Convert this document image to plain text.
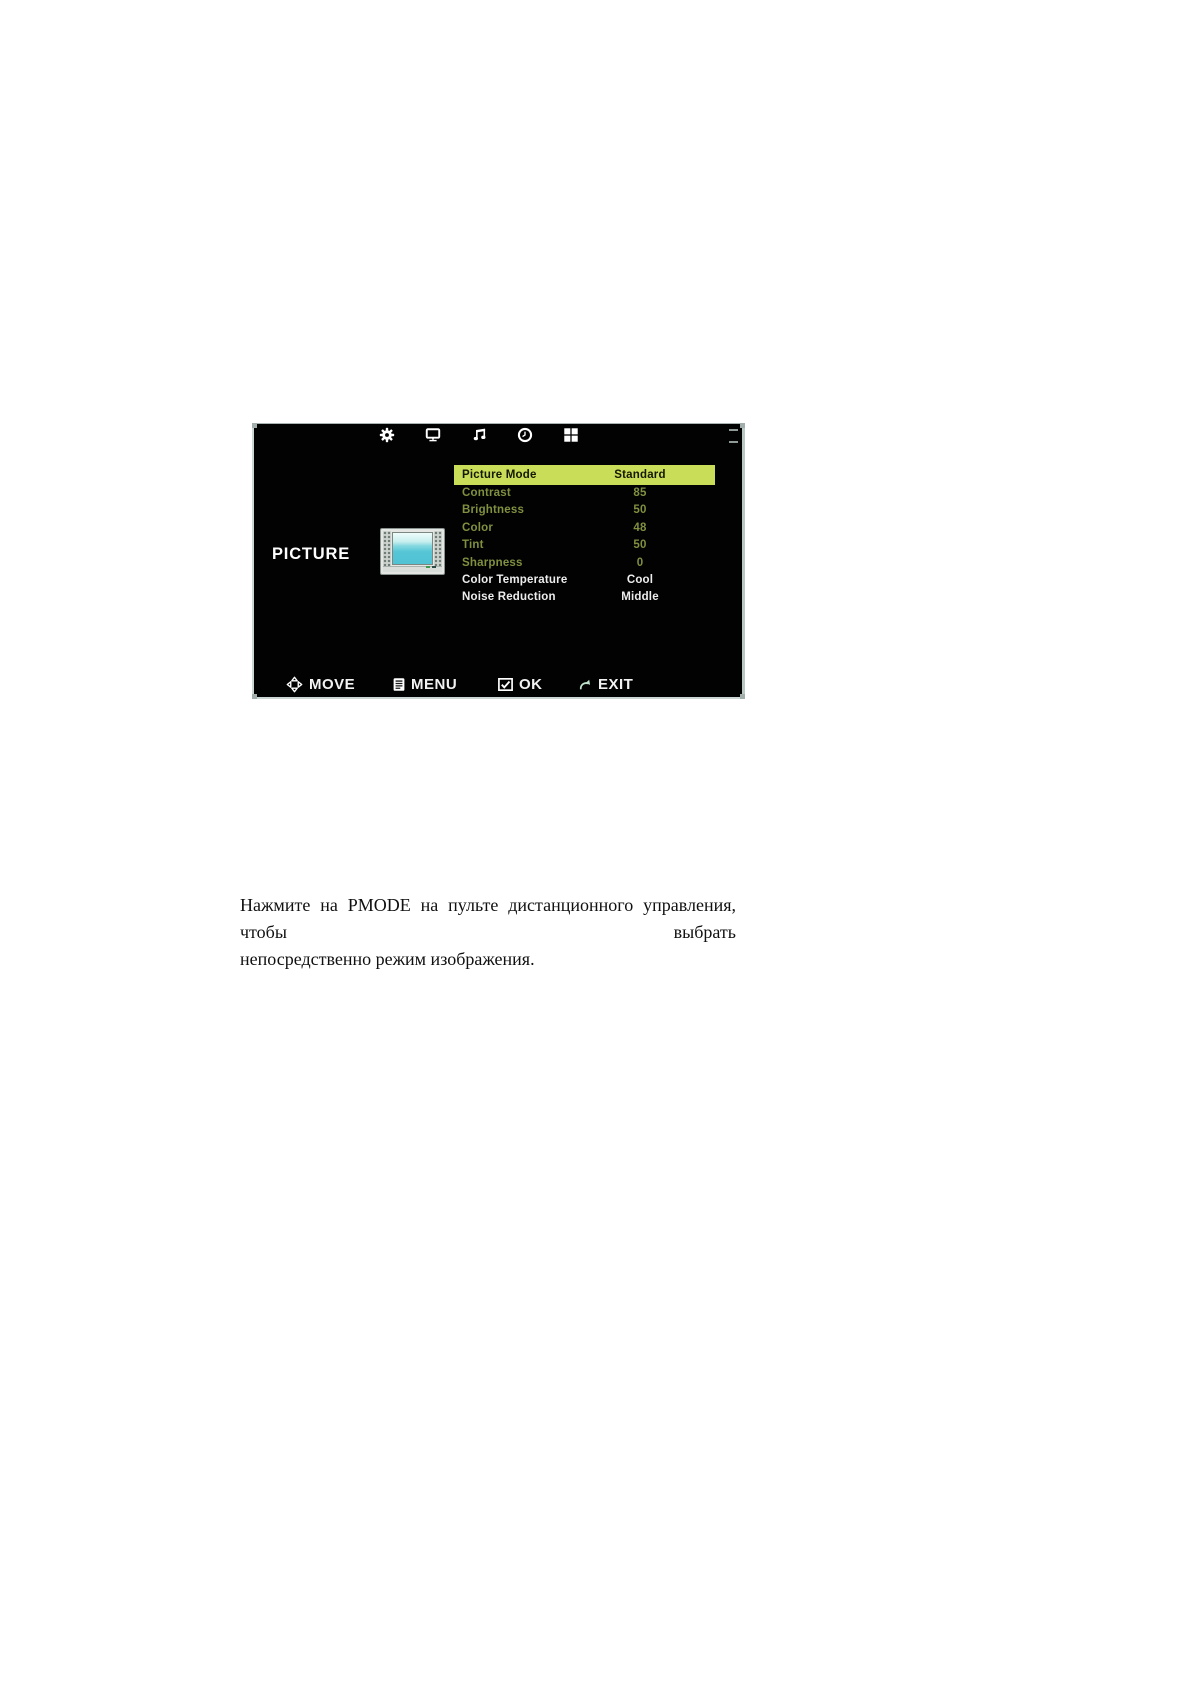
PICTURE
Picture Mode	Standard
Contrast	85
Brightness	50
Color	48
Tint	50
Sharpness	0
Color Temperature	Cool
Noise Reduction	Middle
MOVE	MENU	OK	EXIT
Нажмите на PMODE на пульте дистанционного управления, чтобы выбрать
непосредственно режим изображения.
